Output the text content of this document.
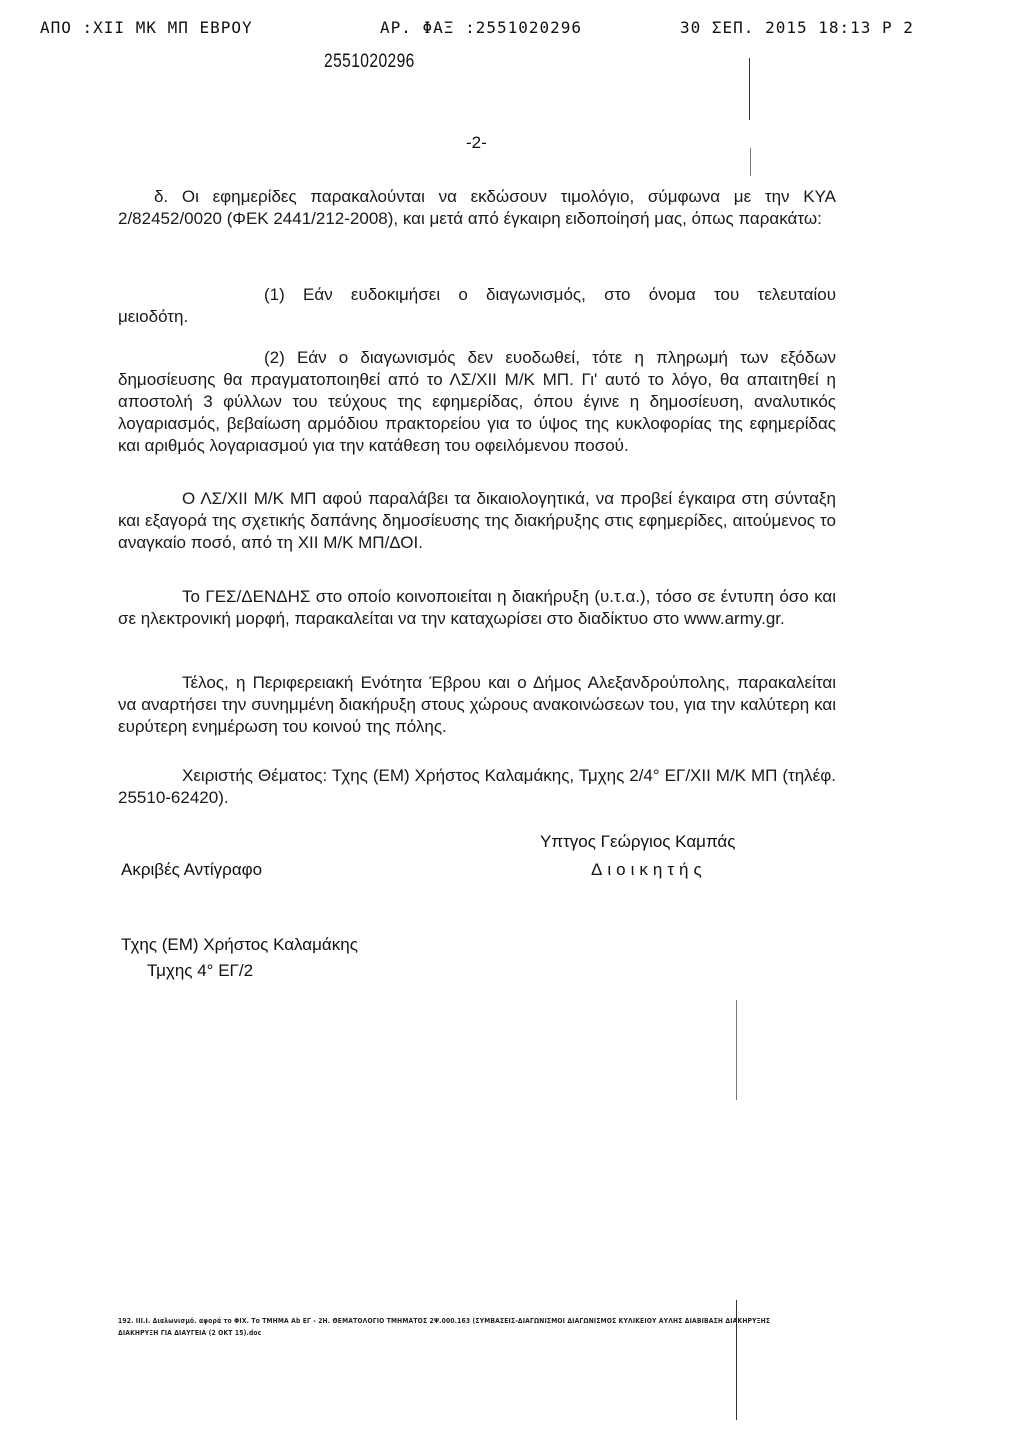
ΑΠΟ :XII ΜΚ ΜΠ ΕΒΡΟΥ	ΑΡ. ΦΑΞ :2551020296	30 ΣΕΠ. 2015 18:13 Ρ 2
2551020296
-2-
δ. Οι εφημερίδες παρακαλούνται να εκδώσουν τιμολόγιο, σύμφωνα με την ΚΥΑ 2/82452/0020 (ΦΕΚ 2441/212-2008), και μετά από έγκαιρη ειδοποίησή μας, όπως παρακάτω:
(1) Εάν ευδοκιμήσει ο διαγωνισμός, στο όνομα του τελευταίου
μειοδότη.
(2) Εάν ο διαγωνισμός δεν ευοδωθεί, τότε η πληρωμή των εξόδων δημοσίευσης θα πραγματοποιηθεί από το ΛΣ/XII Μ/Κ ΜΠ. Γι' αυτό το λόγο, θα απαιτηθεί η αποστολή 3 φύλλων του τεύχους της εφημερίδας, όπου έγινε η δημοσίευση, αναλυτικός λογαριασμός, βεβαίωση αρμόδιου πρακτορείου για το ύψος της κυκλοφορίας της εφημερίδας και αριθμός λογαριασμού για την κατάθεση του οφειλόμενου ποσού.
Ο ΛΣ/XII Μ/Κ ΜΠ αφού παραλάβει τα δικαιολογητικά, να προβεί έγκαιρα στη σύνταξη και εξαγορά της σχετικής δαπάνης δημοσίευσης της διακήρυξης στις εφημερίδες, αιτούμενος το αναγκαίο ποσό, από τη XII Μ/Κ ΜΠ/ΔΟΙ.
Το ΓΕΣ/ΔΕΝΔΗΣ στο οποίο κοινοποιείται η διακήρυξη (υ.τ.α.), τόσο σε έντυπη όσο και σε ηλεκτρονική μορφή, παρακαλείται να την καταχωρίσει στο διαδίκτυο στο www.army.gr.
Τέλος, η Περιφερειακή Ενότητα Έβρου και ο Δήμος Αλεξανδρούπολης, παρακαλείται να αναρτήσει την συνημμένη διακήρυξη στους χώρους ανακοινώσεων του, για την καλύτερη και ευρύτερη ενημέρωση του κοινού της πόλης.
Χειριστής Θέματος: Τχης (ΕΜ) Χρήστος Καλαμάκης, Τμχης 2/4° ΕΓ/XII Μ/Κ ΜΠ (τηλέφ. 25510-62420).
Υπτγος Γεώργιος Καμπάς
Διοικητής
Ακριβές Αντίγραφο
Τχης (ΕΜ) Χρήστος Καλαμάκης
Τμχης 4° ΕΓ/2
192. ΙΙΙ.Ι. Διαλωνισμό. αφορά το ΦΙΧ. Το ΤΜΗΜΑ Ab ΕΓ - 2Η. ΘΕΜΑΤΟΛΟΓΙΟ ΤΜΗΜΑΤΟΣ 2Ψ.000.163 (ΣΥΜΒΑΣΕΙΣ-ΔΙΑΓΩΝΙΣΜΟΙ ΔΙΑΓΩΝΙΣΜΟΣ ΚΥΛΙΚΕΙΟΥ ΑΥΛΗΣ ΔΙΑΒΙΒΑΣΗ ΔΙΑΚΗΡΥΞΗΣ
ΔΙΑΚΗΡΥΞΗ ΓΙΑ ΔΙΑΥΓΕΙΑ (2 ΟΚΤ 15).doc
